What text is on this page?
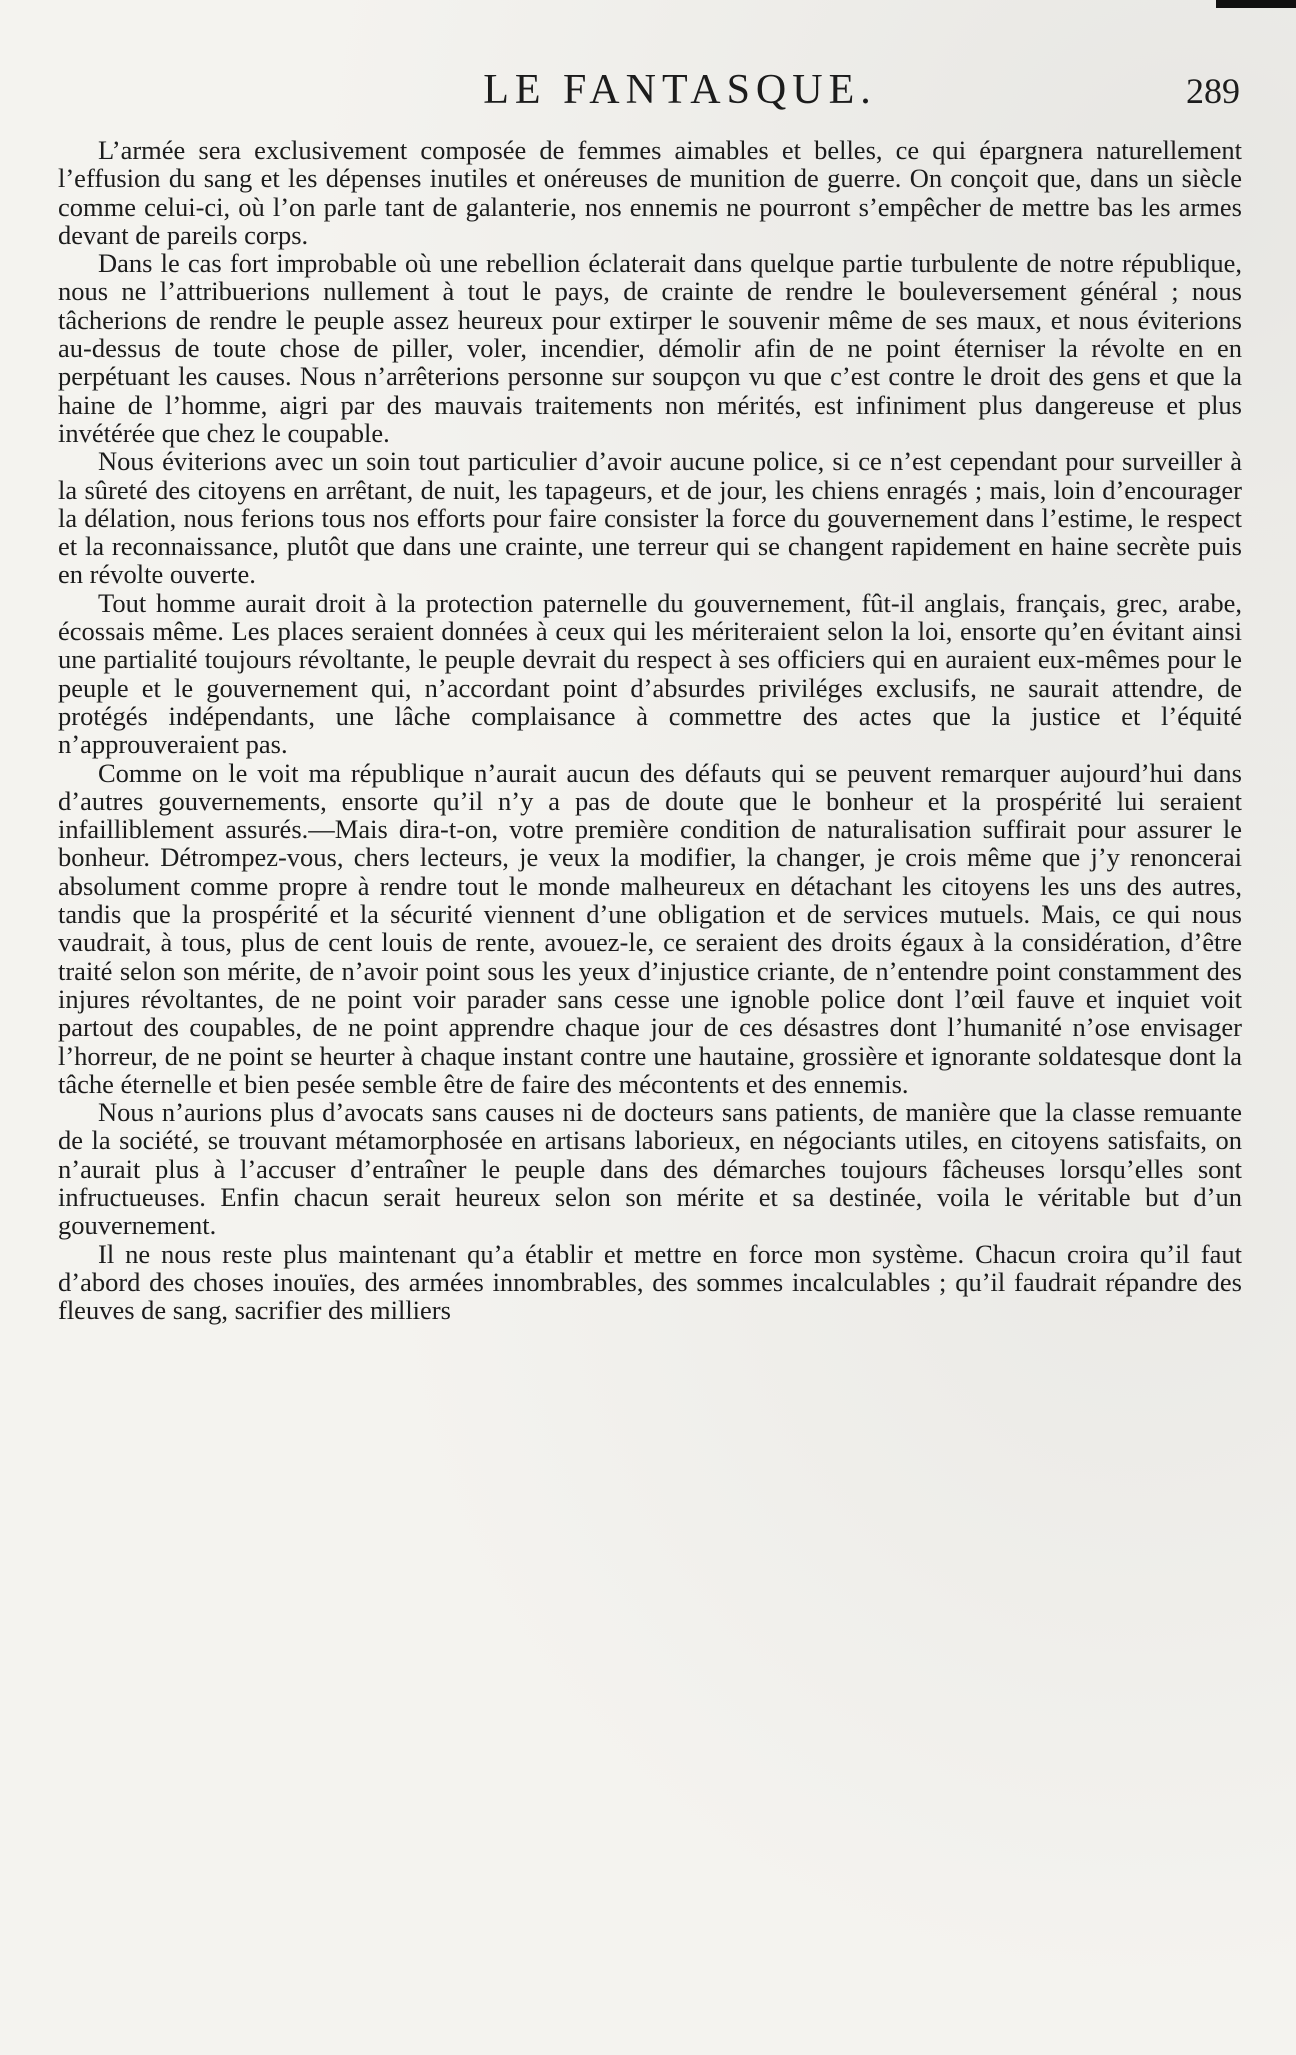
LE FANTASQUE.	289

L’armée sera exclusivement composée de femmes aimables et belles, ce qui épargnera naturellement l’effusion du sang et les dépenses inutiles et onéreuses de munition de guerre. On conçoit que, dans un siècle comme celui-ci, où l’on parle tant de galanterie, nos ennemis ne pourront s’empêcher de mettre bas les armes devant de pareils corps.

Dans le cas fort improbable où une rebellion éclaterait dans quelque partie turbulente de notre république, nous ne l’attribuerions nullement à tout le pays, de crainte de rendre le bouleversement général ; nous tâcherions de rendre le peuple assez heureux pour extirper le souvenir même de ses maux, et nous éviterions au-dessus de toute chose de piller, voler, incendier, démolir afin de ne point éterniser la révolte en en perpétuant les causes. Nous n’arrêterions personne sur soupçon vu que c’est contre le droit des gens et que la haine de l’homme, aigri par des mauvais traitements non mérités, est infiniment plus dangereuse et plus invétérée que chez le coupable.

Nous éviterions avec un soin tout particulier d’avoir aucune police, si ce n’est cependant pour surveiller à la sûreté des citoyens en arrêtant, de nuit, les tapageurs, et de jour, les chiens enragés ; mais, loin d’encourager la délation, nous ferions tous nos efforts pour faire consister la force du gouvernement dans l’estime, le respect et la reconnaissance, plutôt que dans une crainte, une terreur qui se changent rapidement en haine secrète puis en révolte ouverte.

Tout homme aurait droit à la protection paternelle du gouvernement, fût-il anglais, français, grec, arabe, écossais même. Les places seraient données à ceux qui les mériteraient selon la loi, ensorte qu’en évitant ainsi une partialité toujours révoltante, le peuple devrait du respect à ses officiers qui en auraient eux-mêmes pour le peuple et le gouvernement qui, n’accordant point d’absurdes priviléges exclusifs, ne saurait attendre, de protégés indépendants, une lâche complaisance à commettre des actes que la justice et l’équité n’approuveraient pas.

Comme on le voit ma république n’aurait aucun des défauts qui se peuvent remarquer aujourd’hui dans d’autres gouvernements, ensorte qu’il n’y a pas de doute que le bonheur et la prospérité lui seraient infailliblement assurés.—Mais dira-t-on, votre première condition de naturalisation suffirait pour assurer le bonheur. Détrompez-vous, chers lecteurs, je veux la modifier, la changer, je crois même que j’y renoncerai absolument comme propre à rendre tout le monde malheureux en détachant les citoyens les uns des autres, tandis que la prospérité et la sécurité viennent d’une obligation et de services mutuels. Mais, ce qui nous vaudrait, à tous, plus de cent louis de rente, avouez-le, ce seraient des droits égaux à la considération, d’être traité selon son mérite, de n’avoir point sous les yeux d’injustice criante, de n’entendre point constamment des injures révoltantes, de ne point voir parader sans cesse une ignoble police dont l’œil fauve et inquiet voit partout des coupables, de ne point apprendre chaque jour de ces désastres dont l’humanité n’ose envisager l’horreur, de ne point se heurter à chaque instant contre une hautaine, grossière et ignorante soldatesque dont la tâche éternelle et bien pesée semble être de faire des mécontents et des ennemis.

Nous n’aurions plus d’avocats sans causes ni de docteurs sans patients, de manière que la classe remuante de la société, se trouvant métamorphosée en artisans laborieux, en négociants utiles, en citoyens satisfaits, on n’aurait plus à l’accuser d’entraîner le peuple dans des démarches toujours fâcheuses lorsqu’elles sont infructueuses. Enfin chacun serait heureux selon son mérite et sa destinée, voila le véritable but d’un gouvernement.

Il ne nous reste plus maintenant qu’a établir et mettre en force mon système. Chacun croira qu’il faut d’abord des choses inouïes, des armées innombrables, des sommes incalculables ; qu’il faudrait répandre des fleuves de sang, sacrifier des milliers
